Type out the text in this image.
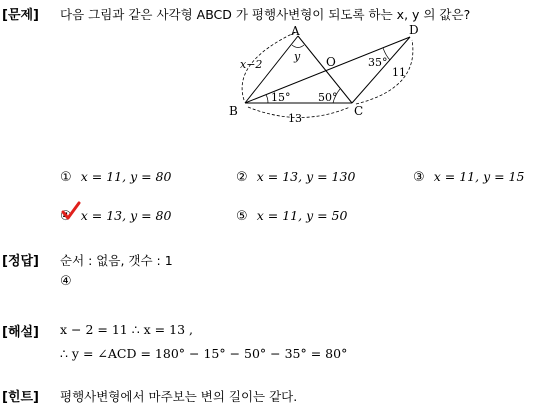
[문제] 다음 그림과 같은 사각형 ABCD 가 평행사변형이 되도록 하는 x, y 의 값은?
A
B	C
D
O
x−2
y	35°
11
15°	50°
13
① x = 11, y = 80	② x = 13, y = 130	③ x = 11, y = 15
④ x = 13, y = 80	⑤ x = 11, y = 50
[정답] 순서 : 없음, 갯수 : 1
④
[해설] x − 2 = 11 ∴ x = 13 ,
∴ y = ∠ACD = 180° − 15° − 50° − 35° = 80°
[힌트] 평행사변형에서 마주보는 변의 길이는 같다.
